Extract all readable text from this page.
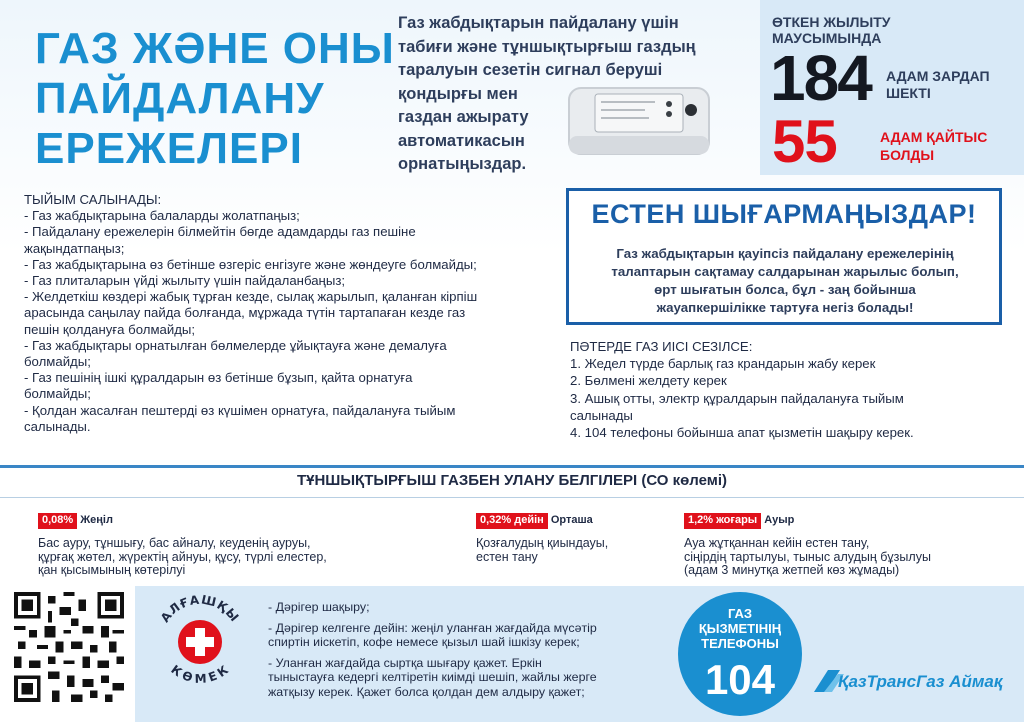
ГАЗ ЖӘНЕ ОНЫ
ПАЙДАЛАНУ
ЕРЕЖЕЛЕРІ
Газ жабдықтарын пайдалану үшін
табиғи және тұншықтырғыш газдың
таралуын сезетін сигнал беруші
қондырғы мен
газдан ажырату
автоматикасын
орнатыңыздар.
ӨТКЕН ЖЫЛЫТУ
МАУСЫМЫНДА
184 АДАМ ЗАРДАП
ШЕКТІ
55	АДАМ ҚАЙТЫС
БОЛДЫ
ТЫЙЫМ САЛЫНАДЫ:
- Газ жабдықтарына балаларды жолатпаңыз;
- Пайдалану ережелерін білмейтін бөгде адамдарды газ пешіне
жақындатпаңыз;
- Газ жабдықтарына өз бетінше өзгеріс енгізуге және жөндеуге болмайды;
- Газ плиталарын үйді жылыту үшін пайдаланбаңыз;
- Желдеткіш көздері жабық тұрған кезде, сылақ жарылып, қаланған кірпіш
арасында саңылау пайда болғанда, мұржада түтін тартапаған кезде газ
пешін қолдануға болмайды;
- Газ жабдықтары орнатылған бөлмелерде ұйықтауға және демалуға
болмайды;
- Газ пешінің ішкі құралдарын өз бетінше бұзып, қайта орнатуға
болмайды;
- Қолдан жасалған пештерді өз күшімен орнатуға, пайдалануға тыйым
салынады.
ЕСТЕН ШЫҒАРМАҢЫЗДАР!
Газ жабдықтарын қауіпсіз пайдалану ережелерінің
талаптарын сақтамау салдарынан жарылыс болып,
өрт шығатын болса, бұл - заң бойынша
жауапкершілікке тартуға негіз болады!
ПӘТЕРДЕ ГАЗ ИІСІ СЕЗІЛСЕ:
1. Жедел түрде барлық газ крандарын жабу керек
2. Бөлмені желдету керек
3. Ашық отты, электр құралдарын пайдалануға тыйым
салынады
4. 104 телефоны бойынша апат қызметін шақыру керек.
ТҰНШЫҚТЫРҒЫШ ГАЗБЕН УЛАНУ БЕЛГІЛЕРІ (СО көлемі)
0,08% Жеңіл
Бас ауру, тұншығу, бас айналу, кеуденің ауруы,
құрғақ жөтел, жүректің айнуы, құсу, түрлі елестер,
қан қысымының көтерілуі
0,32% дейін Орташа
Қозғалудың қиындауы,
естен тану
1,2% жоғары Ауыр
Ауа жұтқаннан кейін естен тану,
сіңірдің тартылуы, тыныс алудың бұзылуы
(адам 3 минутқа жетпей көз жұмады)
АЛҒАШҚЫ
КӨМЕК
- Дәрігер шақыру;
- Дәрігер келгенге дейін: жеңіл уланған жағдайда мүсәтір
спиртін иіскетіп, кофе немесе қызыл шай ішкізу керек;
- Уланған жағдайда сыртқа шығару қажет. Еркін
тыныстауға кедергі келтіретін киімді шешіп, жайлы жерге
жатқызу керек. Қажет болса қолдан дем алдыру қажет;
ГАЗ
ҚЫЗМЕТІНІҢ
ТЕЛЕФОНЫ
104	ҚазТрансГаз Аймақ
